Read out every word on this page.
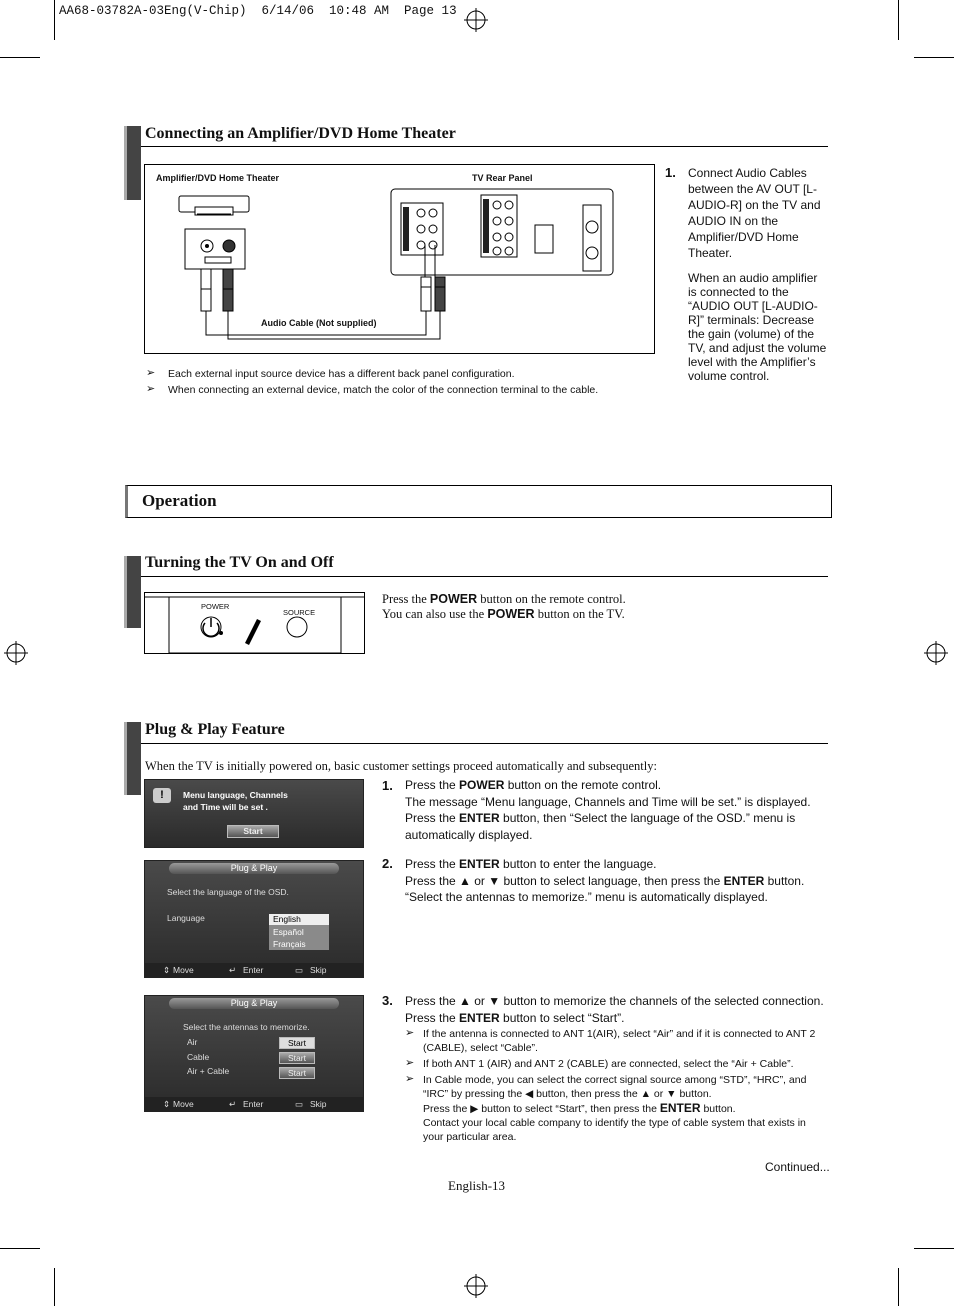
AA68-03782A-03Eng(V-Chip)  6/14/06  10:48 AM  Page 13
Connecting an Amplifier/DVD Home Theater
Amplifier/DVD Home Theater	TV Rear Panel
Audio Cable (Not supplied)
➢ Each external input source device has a different back panel configuration.
➢ When connecting an external device, match the color of the connection terminal to the cable.
1. Connect Audio Cables between the AV OUT [L-AUDIO-R] on the TV and AUDIO IN on the Amplifier/DVD Home Theater.
When an audio amplifier is connected to the “AUDIO OUT [L-AUDIO-R]” terminals: Decrease the gain (volume) of the TV, and adjust the volume level with the Amplifier’s volume control.
Operation
Turning the TV On and Off
POWER
SOURCE
Press the POWER button on the remote control.
You can also use the POWER button on the TV.
Plug & Play Feature
When the TV is initially powered on, basic customer settings proceed automatically and subsequently:
!	Menu language, Channels
and Time will be set .
Start
Plug & Play
Select the language of the OSD.
Language	English
Español
Français
⇕ Move	↵ Enter	▭ Skip
Plug & Play
Select the antennas to memorize.
Air
Cable
Air + Cable
Start
Start
Start
⇕ Move	↵ Enter	▭ Skip
1. Press the POWER button on the remote control.
The message “Menu language, Channels and Time will be set.” is displayed.
Press the ENTER button, then “Select the language of the OSD.” menu is automatically displayed.
2. Press the ENTER button to enter the language.
Press the ▲ or ▼ button to select language, then press the ENTER button.
“Select the antennas to memorize.” menu is automatically displayed.
3. Press the ▲ or ▼ button to memorize the channels of the selected connection.
Press the ENTER button to select “Start”.
➢ If the antenna is connected to ANT 1(AIR), select “Air” and if it is connected to ANT 2 (CABLE), select “Cable”.
➢ If both ANT 1 (AIR) and ANT 2 (CABLE) are connected, select the “Air + Cable”.
➢ In Cable mode, you can select the correct signal source among “STD”, “HRC”, and “IRC” by pressing the ◀ button, then press the ▲ or ▼ button.
Press the ▶ button to select “Start”, then press the ENTER button.
Contact your local cable company to identify the type of cable system that exists in your particular area.
Continued...
English-13
